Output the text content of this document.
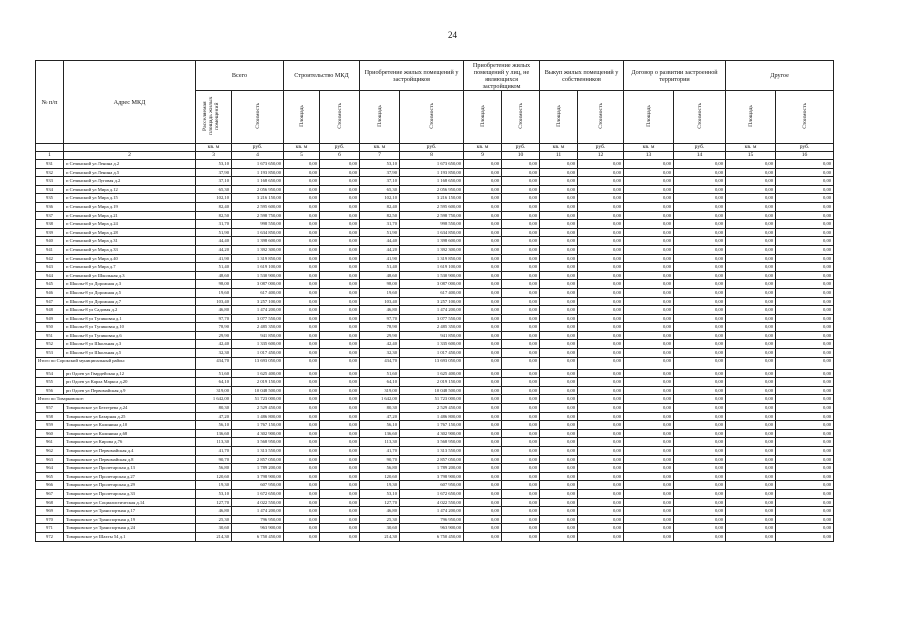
24
№ п/п	Адрес МКД	Всего		Строительство МКД		Приобретение жилых помещений у застройщиков		Приобретение жилых помещений у лиц, не являющихся застройщиком		Выкуп жилых помещений у собственников		Договор о развитии застроенной территории		Другое	
		Расселяемая площадь жилых помещений	Стоимость	Площадь	Стоимость	Площадь	Стоимость	Площадь	Стоимость	Площадь	Стоимость	Площадь	Стоимость	Площадь	Стоимость
		кв. м	руб.	кв. м	руб.	кв. м	руб.	кв. м	руб.	кв. м	руб.	кв. м	руб.	кв. м	руб.
1	2	3	4	5	6	7	8	9	10	11	12	13	14	15	16
931	п Сечинский ул Ленина д.2	53,10	1 673 650,00	0,00	0,00	53,10	1 673 650,00	0,00	0,00	0,00	0,00	0,00	0,00	0,00	0,00
932	п Сечинский ул Ленина д.5	37,90	1 193 850,00	0,00	0,00	37,90	1 193 850,00	0,00	0,00	0,00	0,00	0,00	0,00	0,00	0,00
933	п Сечинский ул Луговая д.2	37,10	1 168 650,00	0,00	0,00	37,10	1 168 650,00	0,00	0,00	0,00	0,00	0,00	0,00	0,00	0,00
934	п Сечинский ул Мира д.12	65,30	2 056 950,00	0,00	0,00	65,30	2 056 950,00	0,00	0,00	0,00	0,00	0,00	0,00	0,00	0,00
935	п Сечинский ул Мира д.15	102,10	3 216 150,00	0,00	0,00	102,10	3 216 150,00	0,00	0,00	0,00	0,00	0,00	0,00	0,00	0,00
936	п Сечинский ул Мира д.19	82,40	2 595 600,00	0,00	0,00	82,40	2 595 600,00	0,00	0,00	0,00	0,00	0,00	0,00	0,00	0,00
937	п Сечинский ул Мира д.21	82,50	2 598 750,00	0,00	0,00	82,50	2 598 750,00	0,00	0,00	0,00	0,00	0,00	0,00	0,00	0,00
938	п Сечинский ул Мира д.24	31,70	998 550,00	0,00	0,00	31,70	998 550,00	0,00	0,00	0,00	0,00	0,00	0,00	0,00	0,00
939	п Сечинский ул Мира д.28	51,90	1 634 850,00	0,00	0,00	51,90	1 634 850,00	0,00	0,00	0,00	0,00	0,00	0,00	0,00	0,00
940	п Сечинский ул Мира д.31	44,40	1 398 600,00	0,00	0,00	44,40	1 398 600,00	0,00	0,00	0,00	0,00	0,00	0,00	0,00	0,00
941	п Сечинский ул Мира д.33	44,20	1 392 300,00	0,00	0,00	44,20	1 392 300,00	0,00	0,00	0,00	0,00	0,00	0,00	0,00	0,00
942	п Сечинский ул Мира д.40	41,90	1 319 850,00	0,00	0,00	41,90	1 319 850,00	0,00	0,00	0,00	0,00	0,00	0,00	0,00	0,00
943	п Сечинский ул Мира д.7	51,40	1 619 100,00	0,00	0,00	51,40	1 619 100,00	0,00	0,00	0,00	0,00	0,00	0,00	0,00	0,00
944	п Сечинский ул Школьная д.3	48,60	1 530 900,00	0,00	0,00	48,60	1 530 900,00	0,00	0,00	0,00	0,00	0,00	0,00	0,00	0,00
945	п Школы-8 ул Дорожная д.3	98,00	3 087 000,00	0,00	0,00	98,00	3 087 000,00	0,00	0,00	0,00	0,00	0,00	0,00	0,00	0,00
946	п Школы-8 ул Дорожная д.5	19,60	617 400,00	0,00	0,00	19,60	617 400,00	0,00	0,00	0,00	0,00	0,00	0,00	0,00	0,00
947	п Школы-8 ул Дорожная д.7	103,40	3 257 100,00	0,00	0,00	103,40	3 257 100,00	0,00	0,00	0,00	0,00	0,00	0,00	0,00	0,00
948	п Школы-8 ул Садовая д.2	46,80	1 474 200,00	0,00	0,00	46,80	1 474 200,00	0,00	0,00	0,00	0,00	0,00	0,00	0,00	0,00
949	п Школы-8 ул Тупиковая д.1	97,70	3 077 550,00	0,00	0,00	97,70	3 077 550,00	0,00	0,00	0,00	0,00	0,00	0,00	0,00	0,00
950	п Школы-8 ул Тупиковая д.10	78,90	2 485 350,00	0,00	0,00	78,90	2 485 350,00	0,00	0,00	0,00	0,00	0,00	0,00	0,00	0,00
951	п Школы-8 ул Тупиковая д.6	29,90	941 850,00	0,00	0,00	29,90	941 850,00	0,00	0,00	0,00	0,00	0,00	0,00	0,00	0,00
952	п Школы-8 ул Школьная д.3	42,40	1 335 600,00	0,00	0,00	42,40	1 335 600,00	0,00	0,00	0,00	0,00	0,00	0,00	0,00	0,00
953	п Школы-8 ул Школьная д.5	32,30	1 017 450,00	0,00	0,00	32,30	1 017 450,00	0,00	0,00	0,00	0,00	0,00	0,00	0,00	0,00
Итого по Сорокский муниципальный район:		434,70	13 693 050,00	0,00	0,00	434,70	13 693 050,00	0,00	0,00	0,00	0,00	0,00	0,00	0,00	0,00
954	рп Одоев ул Гвардейская д.12	51,60	1 625 400,00	0,00	0,00	51,60	1 625 400,00	0,00	0,00	0,00	0,00	0,00	0,00	0,00	0,00
955	рп Одоев ул Карла Маркса д.20	64,10	2 019 150,00	0,00	0,00	64,10	2 019 150,00	0,00	0,00	0,00	0,00	0,00	0,00	0,00	0,00
956	рп Одоев ул Первомайская д.9	319,00	10 048 500,00	0,00	0,00	319,00	10 048 500,00	0,00	0,00	0,00	0,00	0,00	0,00	0,00	0,00
Итого по Товарковское:		1 642,00	51 723 000,00	0,00	0,00	1 642,00	51 723 000,00	0,00	0,00	0,00	0,00	0,00	0,00	0,00	0,00
957	Товарковское ул Бехтерева д.24	80,30	2 529 450,00	0,00	0,00	80,30	2 529 450,00	0,00	0,00	0,00	0,00	0,00	0,00	0,00	0,00
958	Товарковское ул Базарная д.25	47,20	1 486 800,00	0,00	0,00	47,20	1 486 800,00	0,00	0,00	0,00	0,00	0,00	0,00	0,00	0,00
959	Товарковское ул Калинина д.10	56,10	1 767 150,00	0,00	0,00	56,10	1 767 150,00	0,00	0,00	0,00	0,00	0,00	0,00	0,00	0,00
960	Товарковское ул Калинина д.68	136,60	4 302 900,00	0,00	0,00	136,60	4 302 900,00	0,00	0,00	0,00	0,00	0,00	0,00	0,00	0,00
961	Товарковское ул Кирова д.76	113,30	3 568 950,00	0,00	0,00	113,30	3 568 950,00	0,00	0,00	0,00	0,00	0,00	0,00	0,00	0,00
962	Товарковское ул Первомайская д.4	41,70	1 313 550,00	0,00	0,00	41,70	1 313 550,00	0,00	0,00	0,00	0,00	0,00	0,00	0,00	0,00
963	Товарковское ул Первомайская д.8	90,70	2 857 050,00	0,00	0,00	90,70	2 857 050,00	0,00	0,00	0,00	0,00	0,00	0,00	0,00	0,00
964	Товарковское ул Пролетарская д.13	56,80	1 789 200,00	0,00	0,00	56,80	1 789 200,00	0,00	0,00	0,00	0,00	0,00	0,00	0,00	0,00
965	Товарковское ул Пролетарская д.27	120,60	3 798 900,00	0,00	0,00	120,60	3 798 900,00	0,00	0,00	0,00	0,00	0,00	0,00	0,00	0,00
966	Товарковское ул Пролетарская д.29	19,30	607 950,00	0,00	0,00	19,30	607 950,00	0,00	0,00	0,00	0,00	0,00	0,00	0,00	0,00
967	Товарковское ул Пролетарская д.33	53,10	1 672 650,00	0,00	0,00	53,10	1 672 650,00	0,00	0,00	0,00	0,00	0,00	0,00	0,00	0,00
968	Товарковское ул Социалистическая д.14	127,70	4 022 550,00	0,00	0,00	127,70	4 022 550,00	0,00	0,00	0,00	0,00	0,00	0,00	0,00	0,00
969	Товарковское ул Транспортная д.17	46,80	1 474 200,00	0,00	0,00	46,80	1 474 200,00	0,00	0,00	0,00	0,00	0,00	0,00	0,00	0,00
970	Товарковское ул Транспортная д.19	25,30	796 950,00	0,00	0,00	25,30	796 950,00	0,00	0,00	0,00	0,00	0,00	0,00	0,00	0,00
971	Товарковское ул Транспортная д.24	30,60	963 900,00	0,00	0,00	30,60	963 900,00	0,00	0,00	0,00	0,00	0,00	0,00	0,00	0,00
972	Товарковское ул Шахты 54 д.1	214,30	6 750 450,00	0,00	0,00	214,30	6 750 450,00	0,00	0,00	0,00	0,00	0,00	0,00	0,00	0,00
